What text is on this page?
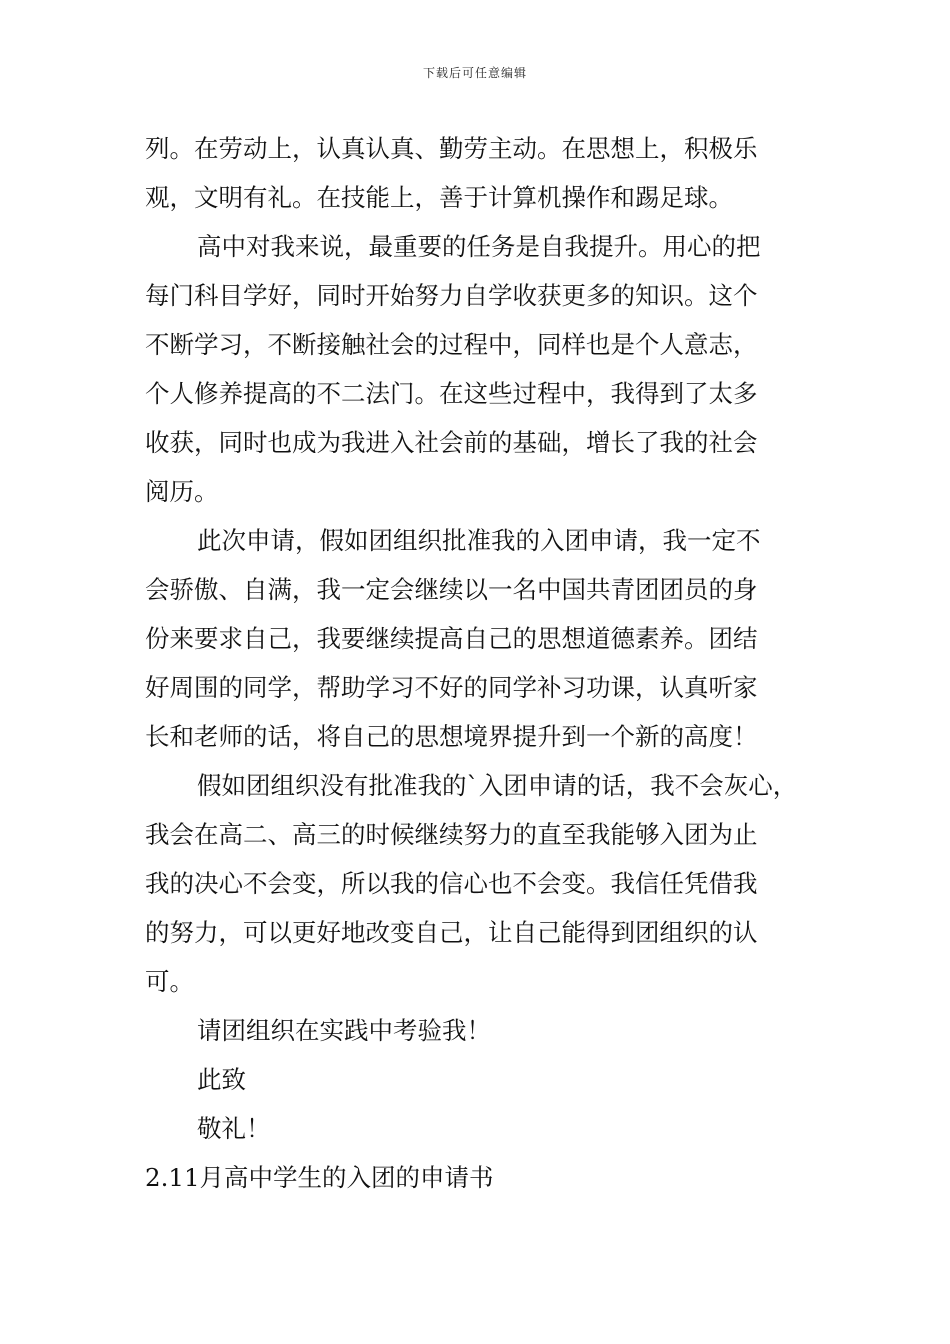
下载后可任意编辑
列。在劳动上，认真认真、勤劳主动。在思想上，积极乐
观，文明有礼。在技能上，善于计算机操作和踢足球。
高中对我来说，最重要的任务是自我提升。用心的把
每门科目学好，同时开始努力自学收获更多的知识。这个
不断学习，不断接触社会的过程中，同样也是个人意志，
个人修养提高的不二法门。在这些过程中，我得到了太多
收获，同时也成为我进入社会前的基础，增长了我的社会
阅历。
此次申请，假如团组织批准我的入团申请，我一定不
会骄傲、自满，我一定会继续以一名中国共青团团员的身
份来要求自己，我要继续提高自己的思想道德素养。团结
好周围的同学，帮助学习不好的同学补习功课，认真听家
长和老师的话，将自己的思想境界提升到一个新的高度！
假如团组织没有批准我的`入团申请的话，我不会灰心，
我会在高二、高三的时候继续努力的直至我能够入团为止
我的决心不会变，所以我的信心也不会变。我信任凭借我
的努力，可以更好地改变自己，让自己能得到团组织的认
可。
请团组织在实践中考验我！
此致
敬礼！
2.11月高中学生的入团的申请书
